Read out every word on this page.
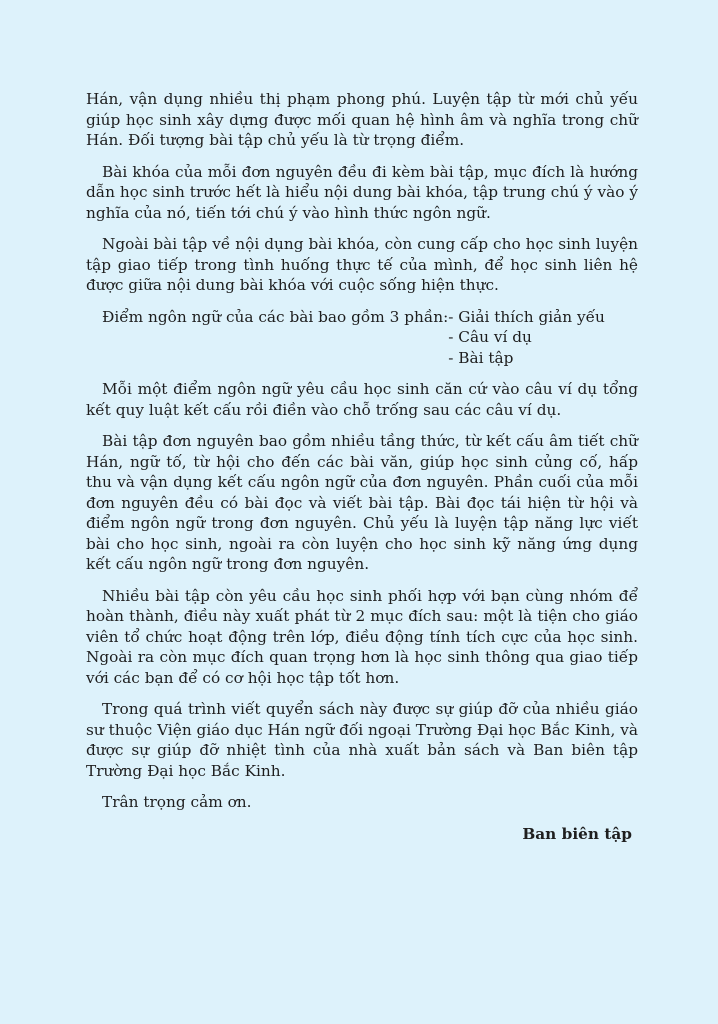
Hán, vận dụng nhiều thị phạm phong phú. Luyện tập từ mới chủ yếu giúp học sinh xây dựng được mối quan hệ hình âm và nghĩa trong chữ Hán. Đối tượng bài tập chủ yếu là từ trọng điểm.

Bài khóa của mỗi đơn nguyên đều đi kèm bài tập, mục đích là hướng dẫn học sinh trước hết là hiểu nội dung bài khóa, tập trung chú ý vào ý nghĩa của nó, tiến tới chú ý vào hình thức ngôn ngữ.

Ngoài bài tập về nội dụng bài khóa, còn cung cấp cho học sinh luyện tập giao tiếp trong tình huống thực tế của mình, để học sinh liên hệ được giữa nội dung bài khóa với cuộc sống hiện thực.

Điểm ngôn ngữ của các bài bao gồm 3 phần: - Giải thích giản yếu
- Câu ví dụ
- Bài tập

Mỗi một điểm ngôn ngữ yêu cầu học sinh căn cứ vào câu ví dụ tổng kết quy luật kết cấu rồi điền vào chỗ trống sau các câu ví dụ.

Bài tập đơn nguyên bao gồm nhiều tầng thức, từ kết cấu âm tiết chữ Hán, ngữ tố, từ hội cho đến các bài văn, giúp học sinh củng cố, hấp thu và vận dụng kết cấu ngôn ngữ của đơn nguyên. Phần cuối của mỗi đơn nguyên đều có bài đọc và viết bài tập. Bài đọc tái hiện từ hội và điểm ngôn ngữ trong đơn nguyên. Chủ yếu là luyện tập năng lực viết bài cho học sinh, ngoài ra còn luyện cho học sinh kỹ năng ứng dụng kết cấu ngôn ngữ trong đơn nguyên.

Nhiều bài tập còn yêu cầu học sinh phối hợp với bạn cùng nhóm để hoàn thành, điều này xuất phát từ 2 mục đích sau: một là tiện cho giáo viên tổ chức hoạt động trên lớp, điều động tính tích cực của học sinh. Ngoài ra còn mục đích quan trọng hơn là học sinh thông qua giao tiếp với các bạn để có cơ hội học tập tốt hơn.

Trong quá trình viết quyển sách này được sự giúp đỡ của nhiều giáo sư thuộc Viện giáo dục Hán ngữ đối ngoại Trường Đại học Bắc Kinh, và được sự giúp đỡ nhiệt tình của nhà xuất bản sách và Ban biên tập Trường Đại học Bắc Kinh.

Trân trọng cảm ơn.

Ban biên tập
